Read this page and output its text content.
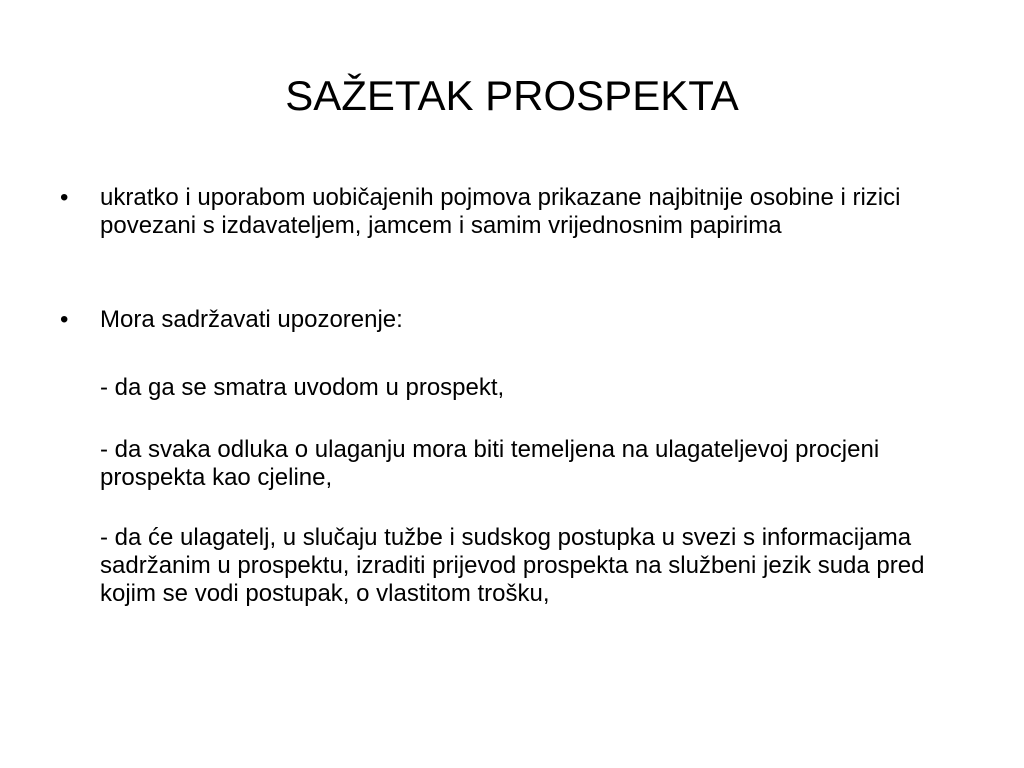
SAŽETAK PROSPEKTA
•	ukratko i uporabom uobičajenih pojmova prikazane najbitnije osobine i rizici povezani s izdavateljem, jamcem i samim vrijednosnim papirima
•	Mora sadržavati upozorenje:
- da ga se smatra uvodom u prospekt,
- da svaka odluka o ulaganju mora biti temeljena na ulagateljevoj procjeni prospekta kao cjeline,
- da će ulagatelj, u slučaju tužbe i sudskog postupka u svezi s informacijama sadržanim u prospektu, izraditi prijevod prospekta na službeni jezik suda pred kojim se vodi postupak, o vlastitom trošku,
